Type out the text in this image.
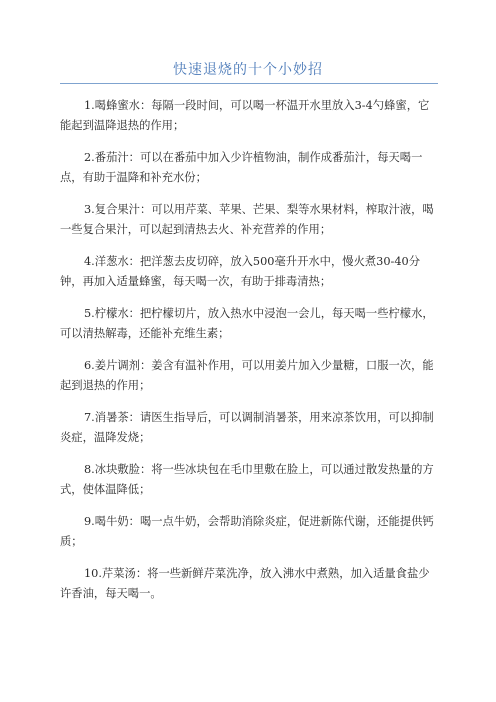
快速退烧的十个小妙招
1.喝蜂蜜水：每隔一段时间，可以喝一杯温开水里放入3-4勺蜂蜜，它能起到温降退热的作用；
2.番茄汁：可以在番茄中加入少许植物油，制作成番茄汁，每天喝一点，有助于温降和补充水份；
3.复合果汁：可以用芹菜、苹果、芒果、梨等水果材料，榨取汁液，喝一些复合果汁，可以起到清热去火、补充营养的作用；
4.洋葱水：把洋葱去皮切碎，放入500毫升开水中，慢火煮30-40分钟，再加入适量蜂蜜，每天喝一次，有助于排毒清热；
5.柠檬水：把柠檬切片，放入热水中浸泡一会儿，每天喝一些柠檬水，可以清热解毒，还能补充维生素；
6.姜片调剂：姜含有温补作用，可以用姜片加入少量糖，口服一次，能起到退热的作用；
7.消暑茶：请医生指导后，可以调制消暑茶，用来凉茶饮用，可以抑制炎症，温降发烧；
8.冰块敷脸：将一些冰块包在毛巾里敷在脸上，可以通过散发热量的方式，使体温降低；
9.喝牛奶：喝一点牛奶，会帮助消除炎症，促进新陈代谢，还能提供钙质；
10.芹菜汤：将一些新鲜芹菜洗净，放入沸水中煮熟，加入适量食盐少许香油，每天喝一。
